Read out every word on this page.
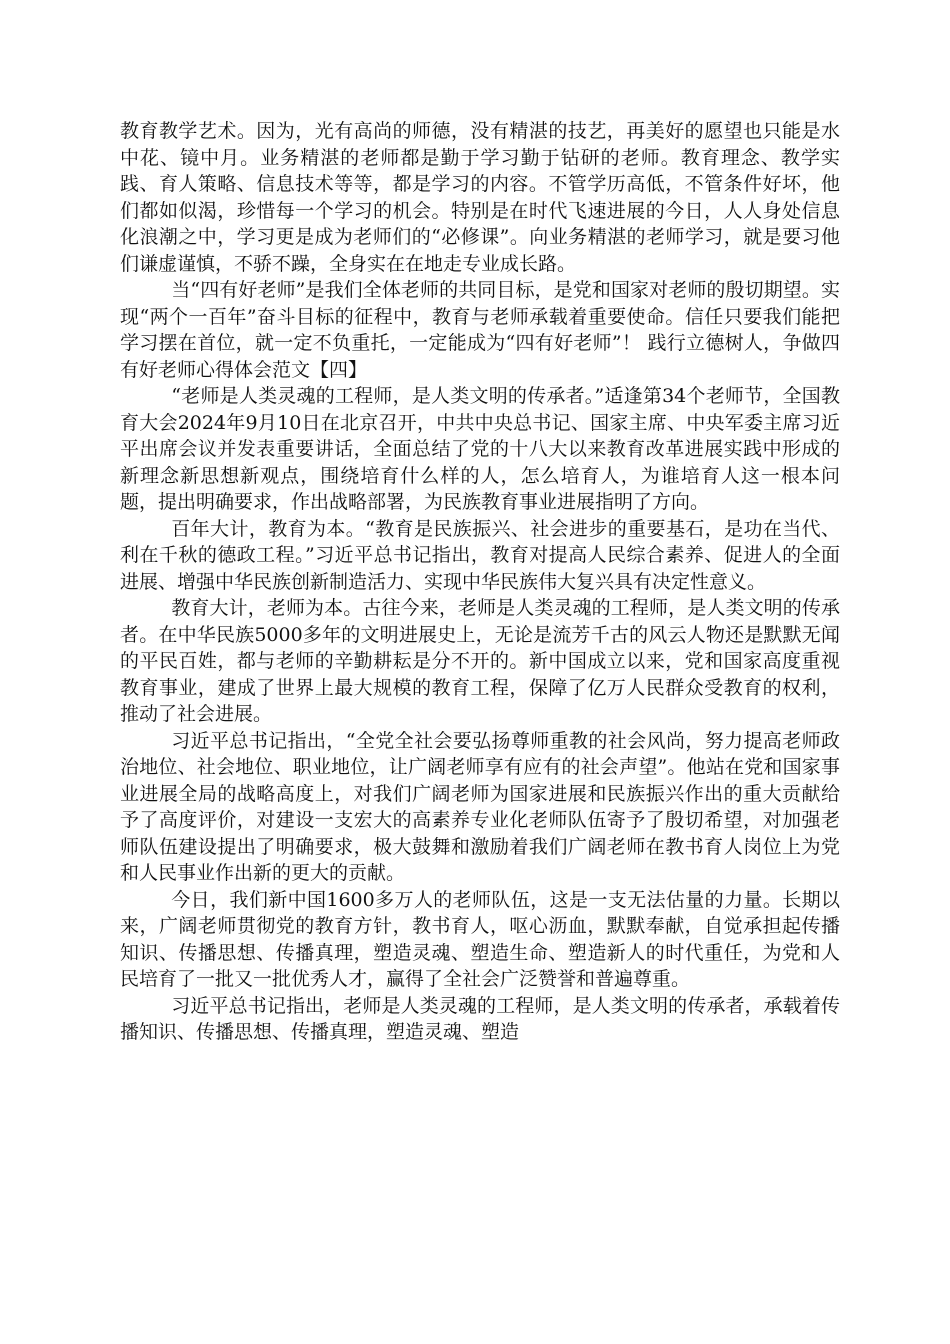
教育教学艺术。因为，光有高尚的师德，没有精湛的技艺，再美好的愿望也只能是水中花、镜中月。业务精湛的老师都是勤于学习勤于钻研的老师。教育理念、教学实践、育人策略、信息技术等等，都是学习的内容。不管学历高低，不管条件好坏，他们都如似渴，珍惜每一个学习的机会。特别是在时代飞速进展的今日，人人身处信息化浪潮之中，学习更是成为老师们的“必修课”。向业务精湛的老师学习，就是要习他们谦虚谨慎，不骄不躁，全身实在在地走专业成长路。

当“四有好老师”是我们全体老师的共同目标，是党和国家对老师的殷切期望。实现“两个一百年”奋斗目标的征程中，教育与老师承载着重要使命。信任只要我们能把学习摆在首位，就一定不负重托，一定能成为“四有好老师”！ 践行立德树人，争做四有好老师心得体会范文【四】

“老师是人类灵魂的工程师，是人类文明的传承者。”适逢第34个老师节，全国教育大会2024年9月10日在北京召开，中共中央总书记、国家主席、中央军委主席习近平出席会议并发表重要讲话，全面总结了党的十八大以来教育改革进展实践中形成的新理念新思想新观点，围绕培育什么样的人，怎么培育人，为谁培育人这一根本问题，提出明确要求，作出战略部署，为民族教育事业进展指明了方向。

百年大计，教育为本。“教育是民族振兴、社会进步的重要基石，是功在当代、利在千秋的德政工程。”习近平总书记指出，教育对提高人民综合素养、促进人的全面进展、增强中华民族创新制造活力、实现中华民族伟大复兴具有决定性意义。

教育大计，老师为本。古往今来，老师是人类灵魂的工程师，是人类文明的传承者。在中华民族5000多年的文明进展史上，无论是流芳千古的风云人物还是默默无闻的平民百姓，都与老师的辛勤耕耘是分不开的。新中国成立以来，党和国家高度重视教育事业，建成了世界上最大规模的教育工程，保障了亿万人民群众受教育的权利，推动了社会进展。

习近平总书记指出，“全党全社会要弘扬尊师重教的社会风尚，努力提高老师政治地位、社会地位、职业地位，让广阔老师享有应有的社会声望”。他站在党和国家事业进展全局的战略高度上，对我们广阔老师为国家进展和民族振兴作出的重大贡献给予了高度评价，对建设一支宏大的高素养专业化老师队伍寄予了殷切希望，对加强老师队伍建设提出了明确要求，极大鼓舞和激励着我们广阔老师在教书育人岗位上为党和人民事业作出新的更大的贡献。

今日，我们新中国1600多万人的老师队伍，这是一支无法估量的力量。长期以来，广阔老师贯彻党的教育方针，教书育人，呕心沥血，默默奉献，自觉承担起传播知识、传播思想、传播真理，塑造灵魂、塑造生命、塑造新人的时代重任，为党和人民培育了一批又一批优秀人才，赢得了全社会广泛赞誉和普遍尊重。

习近平总书记指出，老师是人类灵魂的工程师，是人类文明的传承者，承载着传播知识、传播思想、传播真理，塑造灵魂、塑造
